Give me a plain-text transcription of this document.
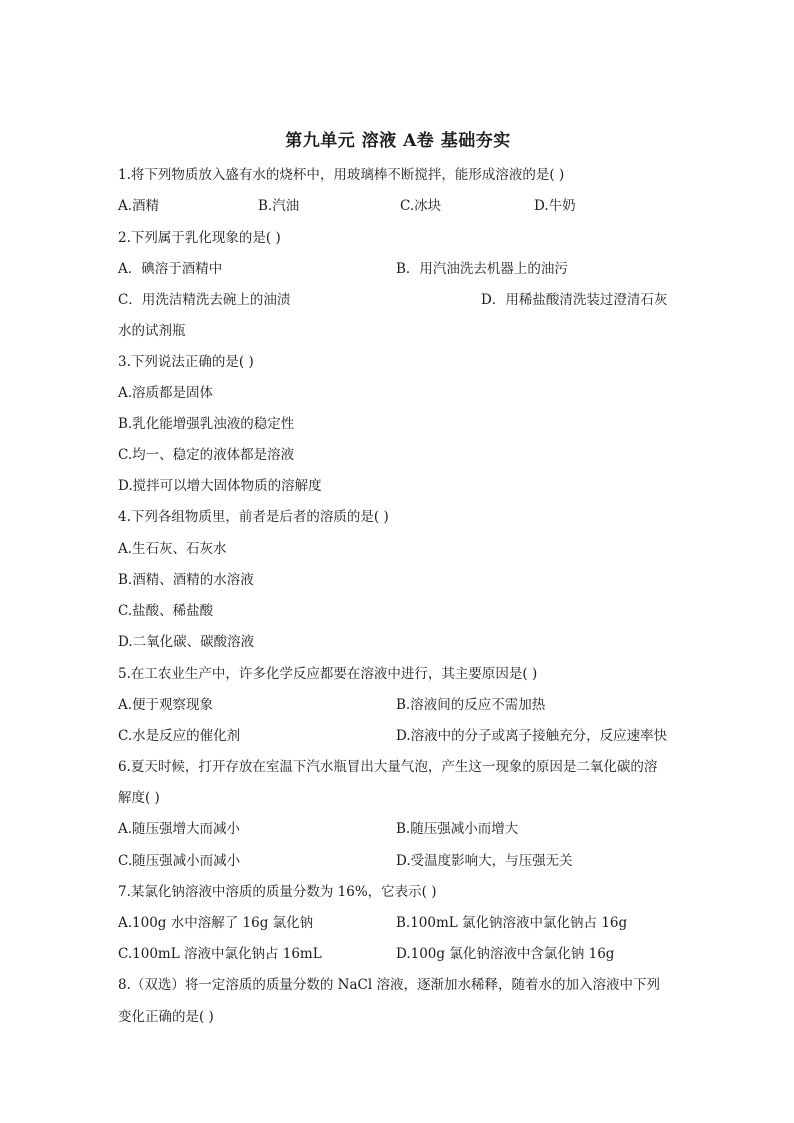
第九单元 溶液 A卷 基础夯实
1.将下列物质放入盛有水的烧杯中，用玻璃棒不断搅拌，能形成溶液的是( )
A.酒精	B.汽油	C.冰块	D.牛奶
2.下列属于乳化现象的是( )
A．碘溶于酒精中	B．用汽油洗去机器上的油污
C．用洗洁精洗去碗上的油渍	D．用稀盐酸清洗装过澄清石灰
水的试剂瓶
3.下列说法正确的是( )
A.溶质都是固体
B.乳化能增强乳浊液的稳定性
C.均一、稳定的液体都是溶液
D.搅拌可以增大固体物质的溶解度
4.下列各组物质里，前者是后者的溶质的是( )
A.生石灰、石灰水
B.酒精、酒精的水溶液
C.盐酸、稀盐酸
D.二氧化碳、碳酸溶液
5.在工农业生产中，许多化学反应都要在溶液中进行，其主要原因是( )
A.便于观察现象	B.溶液间的反应不需加热
C.水是反应的催化剂	D.溶液中的分子或离子接触充分，反应速率快
6.夏天时候，打开存放在室温下汽水瓶冒出大量气泡，产生这一现象的原因是二氧化碳的溶
解度( )
A.随压强增大而减小	B.随压强减小而增大
C.随压强减小而减小	D.受温度影响大，与压强无关
7.某氯化钠溶液中溶质的质量分数为 16%，它表示( )
A.100g 水中溶解了 16g 氯化钠	B.100mL 氯化钠溶液中氯化钠占 16g
C.100mL 溶液中氯化钠占 16mL	D.100g 氯化钠溶液中含氯化钠 16g
8.（双选）将一定溶质的质量分数的 NaCl 溶液，逐渐加水稀释，随着水的加入溶液中下列
变化正确的是( )
